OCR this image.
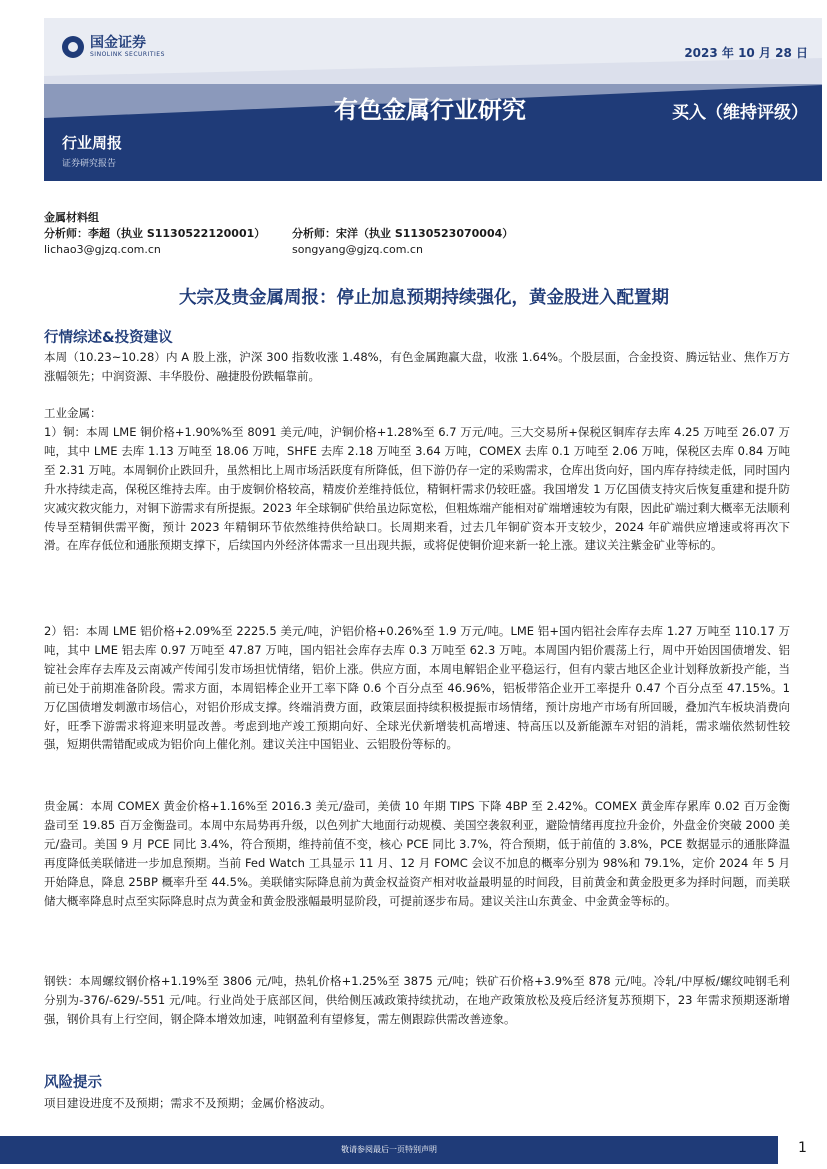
国金证券
SINOLINK SECURITIES	2023 年 10 月 28 日
有色金属行业研究	买入（维持评级）
行业周报
证券研究报告
金属材料组
分析师：李超（执业 S1130522120001）	分析师：宋洋（执业 S1130523070004）
lichao3@gjzq.com.cn	songyang@gjzq.com.cn
大宗及贵金属周报：停止加息预期持续强化，黄金股进入配置期
行情综述&投资建议
本周（10.23~10.28）内 A 股上涨，沪深 300 指数收涨 1.48%，有色金属跑赢大盘，收涨 1.64%。个股层面，合金投资、腾远钴业、焦作万方涨幅领先；中润资源、丰华股份、融捷股份跌幅靠前。
工业金属：
1）铜：本周 LME 铜价格+1.90%%至 8091 美元/吨，沪铜价格+1.28%至 6.7 万元/吨。三大交易所+保税区铜库存去库 4.25 万吨至 26.07 万吨，其中 LME 去库 1.13 万吨至 18.06 万吨，SHFE 去库 2.18 万吨至 3.64 万吨，COMEX 去库 0.1 万吨至 2.06 万吨，保税区去库 0.84 万吨至 2.31 万吨。本周铜价止跌回升，虽然相比上周市场活跃度有所降低，但下游仍存一定的采购需求，仓库出货向好，国内库存持续走低，同时国内升水持续走高，保税区维持去库。由于废铜价格较高，精废价差维持低位，精铜杆需求仍较旺盛。我国增发 1 万亿国债支持灾后恢复重建和提升防灾减灾救灾能力，对铜下游需求有所提振。2023 年全球铜矿供给虽边际宽松，但粗炼端产能相对矿端增速较为有限，因此矿端过剩大概率无法顺利传导至精铜供需平衡，预计 2023 年精铜环节依然维持供给缺口。长周期来看，过去几年铜矿资本开支较少，2024 年矿端供应增速或将再次下滑。在库存低位和通胀预期支撑下，后续国内外经济体需求一旦出现共振，或将促使铜价迎来新一轮上涨。建议关注紫金矿业等标的。
2）铝：本周 LME 铝价格+2.09%至 2225.5 美元/吨，沪铝价格+0.26%至 1.9 万元/吨。LME 铝+国内铝社会库存去库 1.27 万吨至 110.17 万吨，其中 LME 铝去库 0.97 万吨至 47.87 万吨，国内铝社会库存去库 0.3 万吨至 62.3 万吨。本周国内铝价震荡上行，周中开始因国债增发、铝锭社会库存去库及云南减产传闻引发市场担忧情绪，铝价上涨。供应方面，本周电解铝企业平稳运行，但有内蒙古地区企业计划释放新投产能，当前已处于前期准备阶段。需求方面，本周铝棒企业开工率下降 0.6 个百分点至 46.96%，铝板带箔企业开工率提升 0.47 个百分点至 47.15%。1 万亿国债增发刺激市场信心，对铝价形成支撑。终端消费方面，政策层面持续积极提振市场情绪，预计房地产市场有所回暖，叠加汽车板块消费向好，旺季下游需求将迎来明显改善。考虑到地产竣工预期向好、全球光伏新增装机高增速、特高压以及新能源车对铝的消耗，需求端依然韧性较强，短期供需错配或成为铝价向上催化剂。建议关注中国铝业、云铝股份等标的。
贵金属：本周 COMEX 黄金价格+1.16%至 2016.3 美元/盎司，美债 10 年期 TIPS 下降 4BP 至 2.42%。COMEX 黄金库存累库 0.02 百万金衡盎司至 19.85 百万金衡盎司。本周中东局势再升级，以色列扩大地面行动规模、美国空袭叙利亚，避险情绪再度拉升金价，外盘金价突破 2000 美元/盎司。美国 9 月 PCE 同比 3.4%，符合预期，维持前值不变，核心 PCE 同比 3.7%，符合预期，低于前值的 3.8%，PCE 数据显示的通胀降温再度降低美联储进一步加息预期。当前 Fed Watch 工具显示 11 月、12 月 FOMC 会议不加息的概率分别为 98%和 79.1%，定价 2024 年 5 月开始降息，降息 25BP 概率升至 44.5%。美联储实际降息前为黄金权益资产相对收益最明显的时间段，目前黄金和黄金股更多为择时问题，而美联储大概率降息时点至实际降息时点为黄金和黄金股涨幅最明显阶段，可提前逐步布局。建议关注山东黄金、中金黄金等标的。
钢铁：本周螺纹钢价格+1.19%至 3806 元/吨，热轧价格+1.25%至 3875 元/吨；铁矿石价格+3.9%至 878 元/吨。冷轧/中厚板/螺纹吨钢毛利分别为-376/-629/-551 元/吨。行业尚处于底部区间，供给侧压减政策持续扰动，在地产政策放松及疫后经济复苏预期下，23 年需求预期逐渐增强，钢价具有上行空间，钢企降本增效加速，吨钢盈利有望修复，需左侧跟踪供需改善迹象。
风险提示
项目建设进度不及预期；需求不及预期；金属价格波动。
敬请参阅最后一页特别声明	1
